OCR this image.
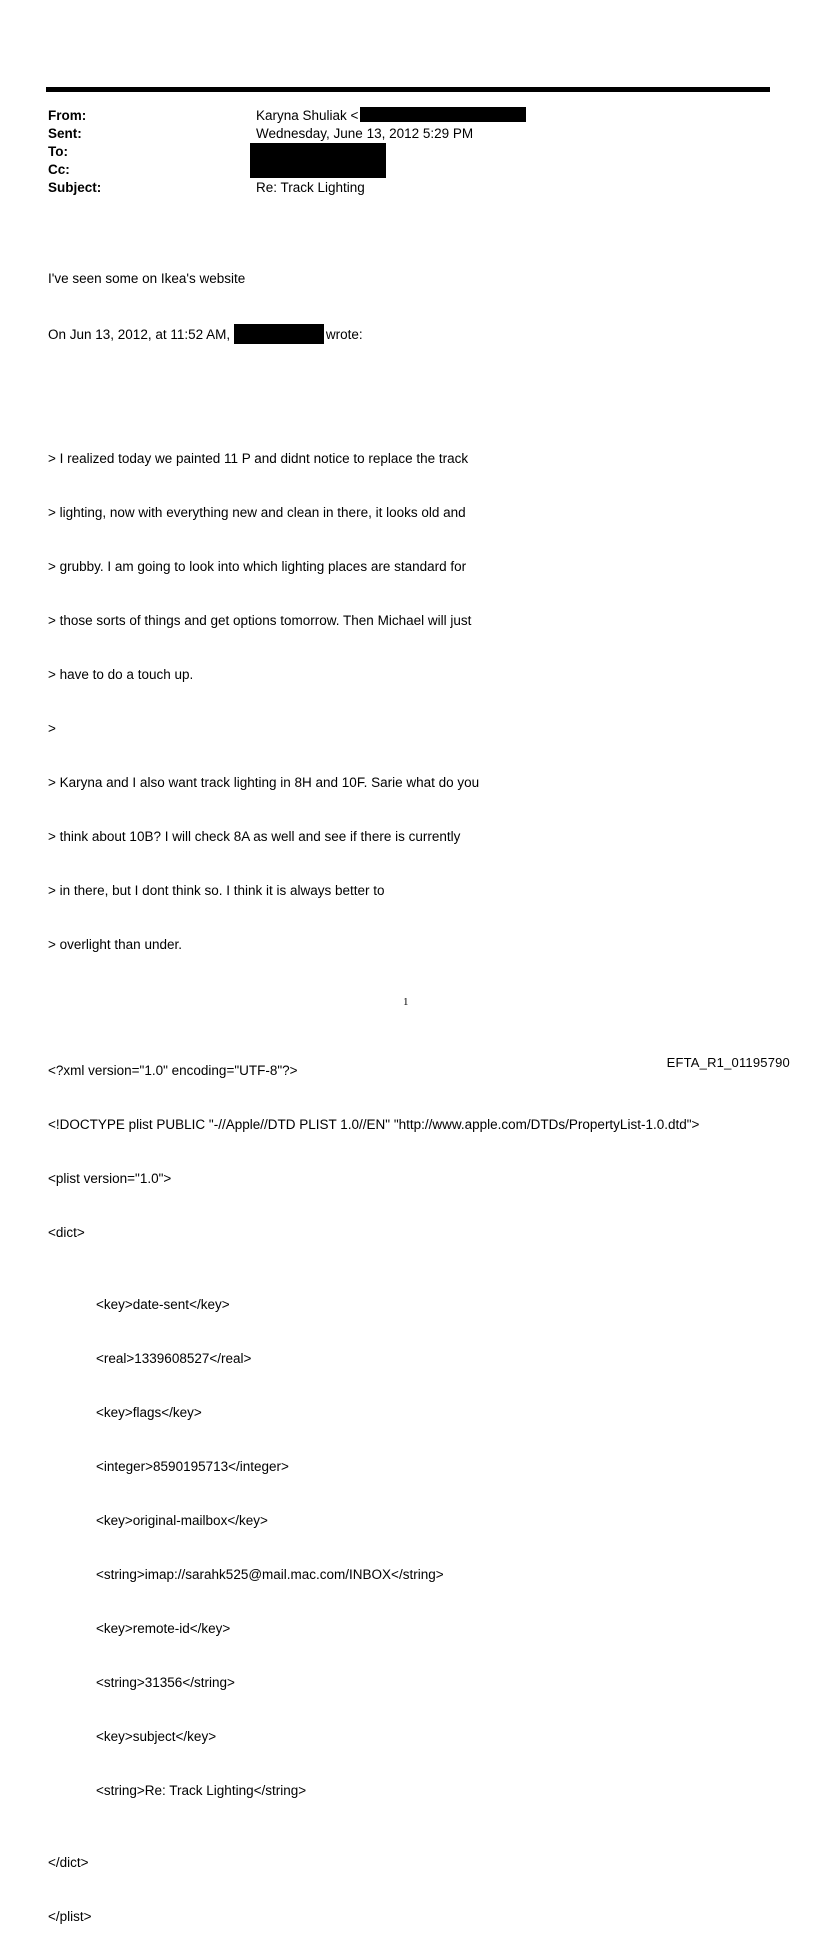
From:	Karyna Shuliak <
Sent:	Wednesday, June 13, 2012 5:29 PM
To:
Cc:
Subject:	Re: Track Lighting

I've seen some on Ikea's website

On Jun 13, 2012, at 11:52 AM,	wrote:

> I realized today we painted 11 P and didnt notice to replace the track

> lighting, now with everything new and clean in there, it looks old and

> grubby. I am going to look into which lighting places are standard for

> those sorts of things and get options tomorrow. Then Michael will just

> have to do a touch up.

>

> Karyna and I also want track lighting in 8H and 10F. Sarie what do you

> think about 10B? I will check 8A as well and see if there is currently

> in there, but I dont think so. I think it is always better to

> overlight than under.

<?xml version="1.0" encoding="UTF-8"?>

<!DOCTYPE plist PUBLIC "-//Apple//DTD PLIST 1.0//EN" "http://www.apple.com/DTDs/PropertyList-1.0.dtd">

<plist version="1.0">

<dict>

<key>date-sent</key>

<real>1339608527</real>

<key>flags</key>

<integer>8590195713</integer>

<key>original-mailbox</key>

<string>imap://sarahk525@mail.mac.com/INBOX</string>

<key>remote-id</key>

<string>31356</string>

<key>subject</key>

<string>Re: Track Lighting</string>

</dict>

</plist>

1
EFTA_R1_01195790
